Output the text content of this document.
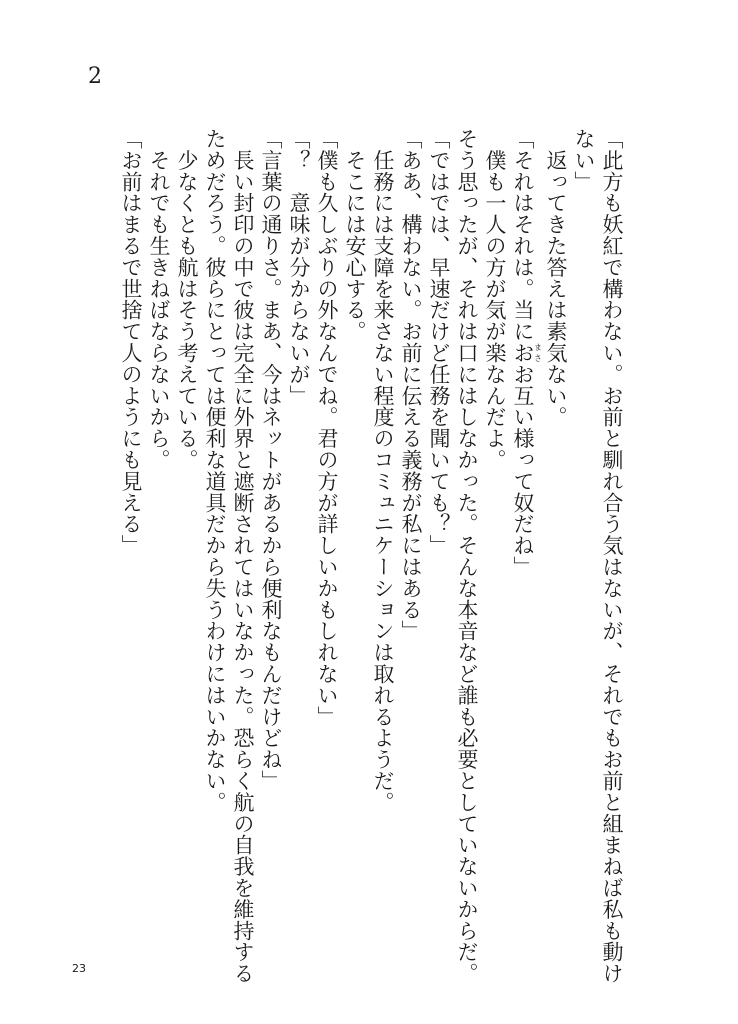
2
「此方も妖紅で構わない。お前と馴れ合う気はないが、それでもお前と組まねば私も動け
ない」
　返ってきた答えは素気ない。
「それはそれは。当におまさお互い様って奴だね」
　僕も一人の方が気が楽なんだよ。
そう思ったが、それは口にはしなかった。そんな本音など誰も必要としていないからだ。
「ではでは、早速だけど任務を聞いても？」
「ああ、構わない。お前に伝える義務が私にはある」
　任務には支障を来さない程度のコミュニケーションは取れるようだ。
　そこには安心する。
「僕も久しぶりの外なんでね。君の方が詳しいかもしれない」
「？　意味が分からないが」
「言葉の通りさ。まあ、今はネットがあるから便利なもんだけどね」
　長い封印の中で彼は完全に外界と遮断されてはいなかった。恐らく航の自我を維持する
ためだろう。彼らにとっては便利な道具だから失うわけにはいかない。
　少なくとも航はそう考えている。
　それでも生きねばならないから。
「お前はまるで世捨て人のようにも見える」
23
